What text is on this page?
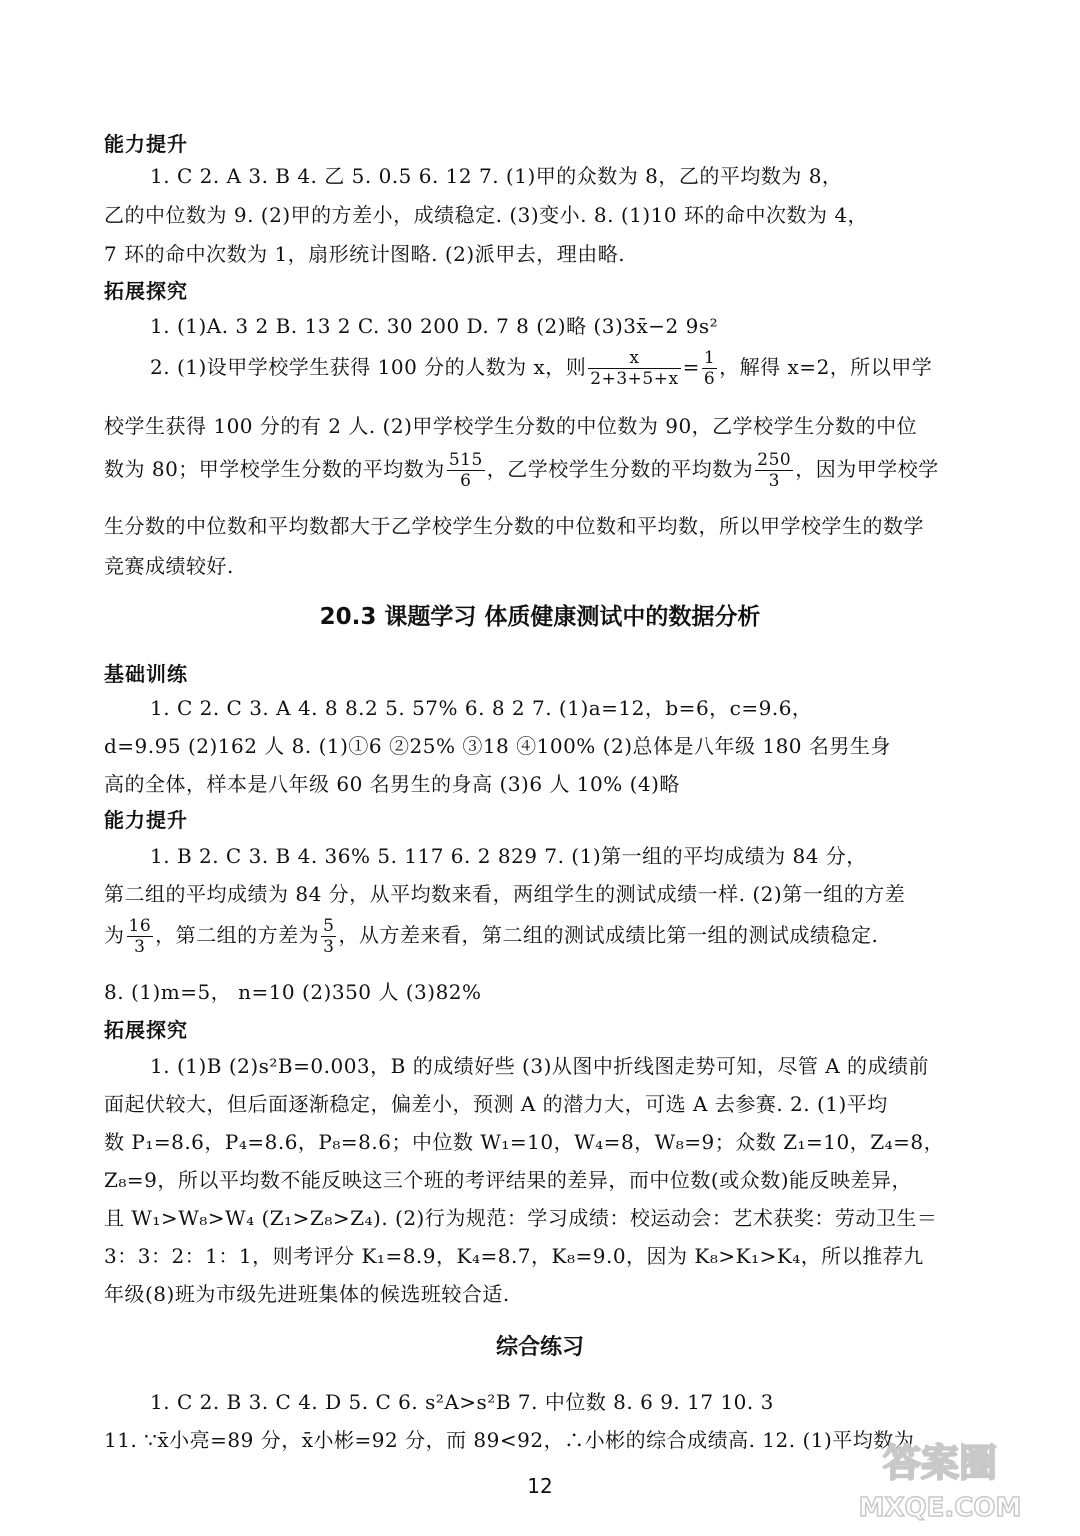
能力提升
1. C 2. A 3. B 4. 乙 5. 0.5 6. 12 7. (1)甲的众数为 8，乙的平均数为 8，
乙的中位数为 9. (2)甲的方差小，成绩稳定. (3)变小. 8. (1)10 环的命中次数为 4，
7 环的命中次数为 1，扇形统计图略. (2)派甲去，理由略.
拓展探究
1. (1)A. 3 2 B. 13 2 C. 30 200 D. 7 8 (2)略 (3)3x̄−2 9s²
2. (1)设甲学校学生获得 100 分的人数为 x，则 $\frac{x}{2+3+5+x} = \frac{1}{6}$ ，解得 x=2，所以甲学
校学生获得 100 分的有 2 人. (2)甲学校学生分数的中位数为 90，乙学校学生分数的中位
数为 80；甲学校学生分数的平均数为 $\frac{515}{6}$ ，乙学校学生分数的平均数为 $\frac{250}{3}$ ，因为甲学校学
生分数的中位数和平均数都大于乙学校学生分数的中位数和平均数，所以甲学校学生的数学
竞赛成绩较好.
20.3 课题学习 体质健康测试中的数据分析
基础训练
1. C 2. C 3. A 4. 8 8.2 5. 57% 6. 8 2 7. (1)a=12，b=6，c=9.6，
d=9.95 (2)162 人 8. (1)①6 ②25% ③18 ④100% (2)总体是八年级 180 名男生身
高的全体，样本是八年级 60 名男生的身高 (3)6 人 10% (4)略
能力提升
1. B 2. C 3. B 4. 36% 5. 117 6. 2 829 7. (1)第一组的平均成绩为 84 分，
第二组的平均成绩为 84 分，从平均数来看，两组学生的测试成绩一样. (2)第一组的方差
为 $\frac{16}{3}$ ，第二组的方差为 $\frac{5}{3}$ ，从方差来看，第二组的测试成绩比第一组的测试成绩稳定.
8. (1)m=5， n=10 (2)350 人 (3)82%
拓展探究
1. (1)B (2)s²B=0.003，B 的成绩好些 (3)从图中折线图走势可知，尽管 A 的成绩前
面起伏较大，但后面逐渐稳定，偏差小，预测 A 的潜力大，可选 A 去参赛. 2. (1)平均
数 P₁=8.6，P₄=8.6，P₈=8.6；中位数 W₁=10，W₄=8，W₈=9；众数 Z₁=10，Z₄=8，
Z₈=9，所以平均数不能反映这三个班的考评结果的差异，而中位数(或众数)能反映差异，
且 W₁>W₈>W₄ (Z₁>Z₈>Z₄). (2)行为规范：学习成绩：校运动会：艺术获奖：劳动卫生＝
3：3：2：1：1，则考评分 K₁=8.9，K₄=8.7，K₈=9.0，因为 K₈>K₁>K₄，所以推荐九
年级(8)班为市级先进班集体的候选班较合适.
综合练习
1. C 2. B 3. C 4. D 5. C 6. s²A>s²B 7. 中位数 8. 6 9. 17 10. 3
11. ∵x̄小亮=89 分，x̄小彬=92 分，而 89<92，∴小彬的综合成绩高. 12. (1)平均数为
12
答案圈
MXQE.COM
